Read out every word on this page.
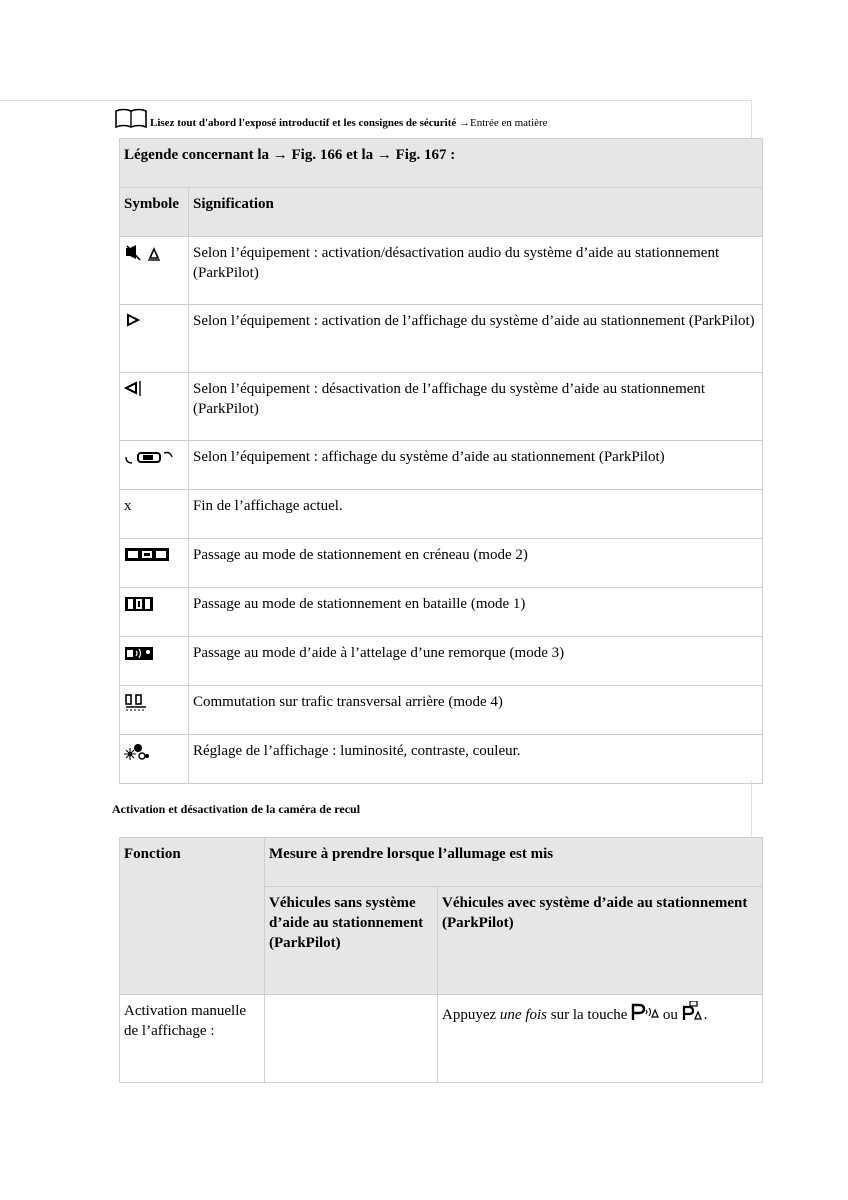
Lisez tout d'abord l'exposé introductif et les consignes de sécurité
→Entrée en matière
Légende concernant la → Fig. 166 et la → Fig. 167 :	
Symbole	Signification

	Selon l’équipement : activation/désactivation audio du système d’aide au stationnement (ParkPilot)

	Selon l’équipement : activation de l’affichage du système d’aide au stationnement (ParkPilot)

	Selon l’équipement : désactivation de l’affichage du système d’aide au stationnement (ParkPilot)

	Selon l’équipement : affichage du système d’aide au stationnement (ParkPilot)
x	Fin de l’affichage actuel.

	Passage au mode de stationnement en créneau (mode 2)

	Passage au mode de stationnement en bataille (mode 1)

	Passage au mode d’aide à l’attelage d’une remorque (mode 3)

	Commutation sur trafic transversal arrière (mode 4)

	Réglage de l’affichage : luminosité, contraste, couleur.
Activation et désactivation de la caméra de recul
Fonction	Mesure à prendre lorsque l’allumage est mis	
	Véhicules sans système d’aide au stationnement (ParkPilot)	Véhicules avec système d’aide au stationnement (ParkPilot)
Activation manuelle de l’affichage :		Appuyez une fois sur la touche  ou .
